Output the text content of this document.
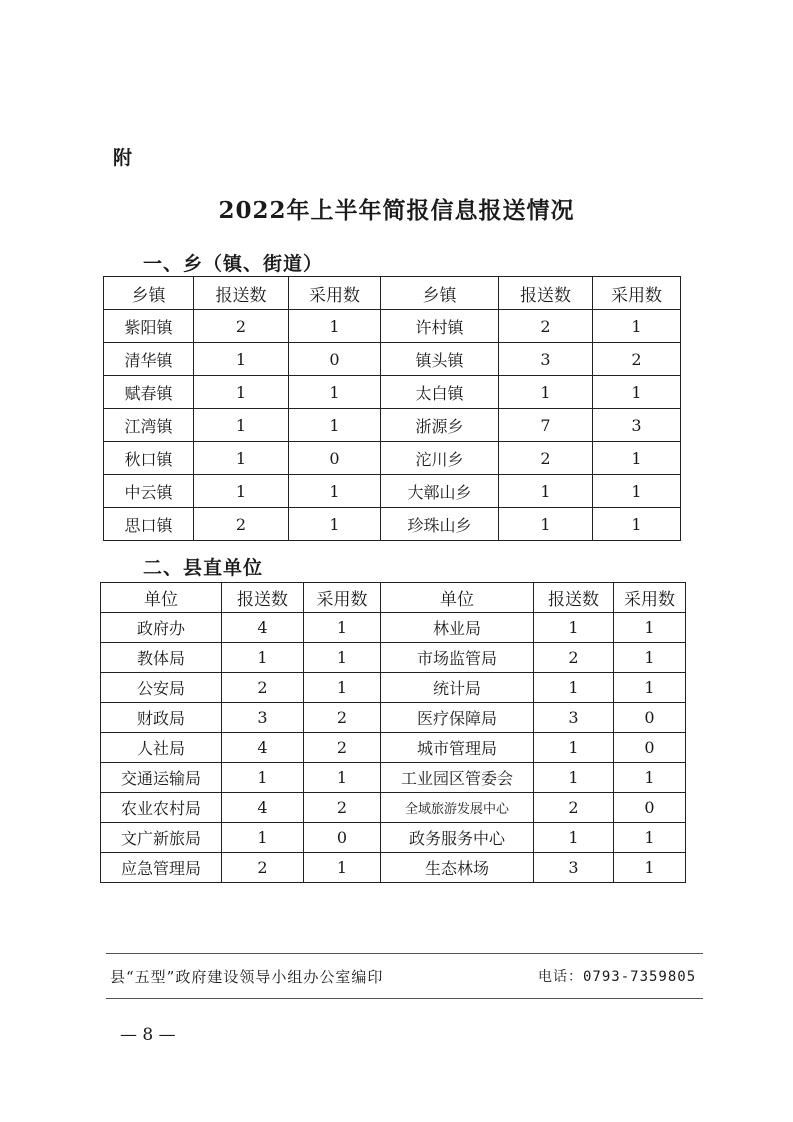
附
2022年上半年简报信息报送情况
一、乡（镇、街道）
乡镇	报送数	采用数	乡镇	报送数	采用数
紫阳镇	2	1	许村镇	2	1
清华镇	1	0	镇头镇	3	2
赋春镇	1	1	太白镇	1	1
江湾镇	1	1	浙源乡	7	3
秋口镇	1	0	沱川乡	2	1
中云镇	1	1	大鄣山乡	1	1
思口镇	2	1	珍珠山乡	1	1
二、县直单位
单位	报送数	采用数	单位	报送数	采用数
政府办	4	1	林业局	1	1
教体局	1	1	市场监管局	2	1
公安局	2	1	统计局	1	1
财政局	3	2	医疗保障局	3	0
人社局	4	2	城市管理局	1	0
交通运输局	1	1	工业园区管委会	1	1
农业农村局	4	2	全域旅游发展中心	2	0
文广新旅局	1	0	政务服务中心	1	1
应急管理局	2	1	生态林场	3	1
县“五型”政府建设领导小组办公室编印	电话：0793-7359805
— 8 —
